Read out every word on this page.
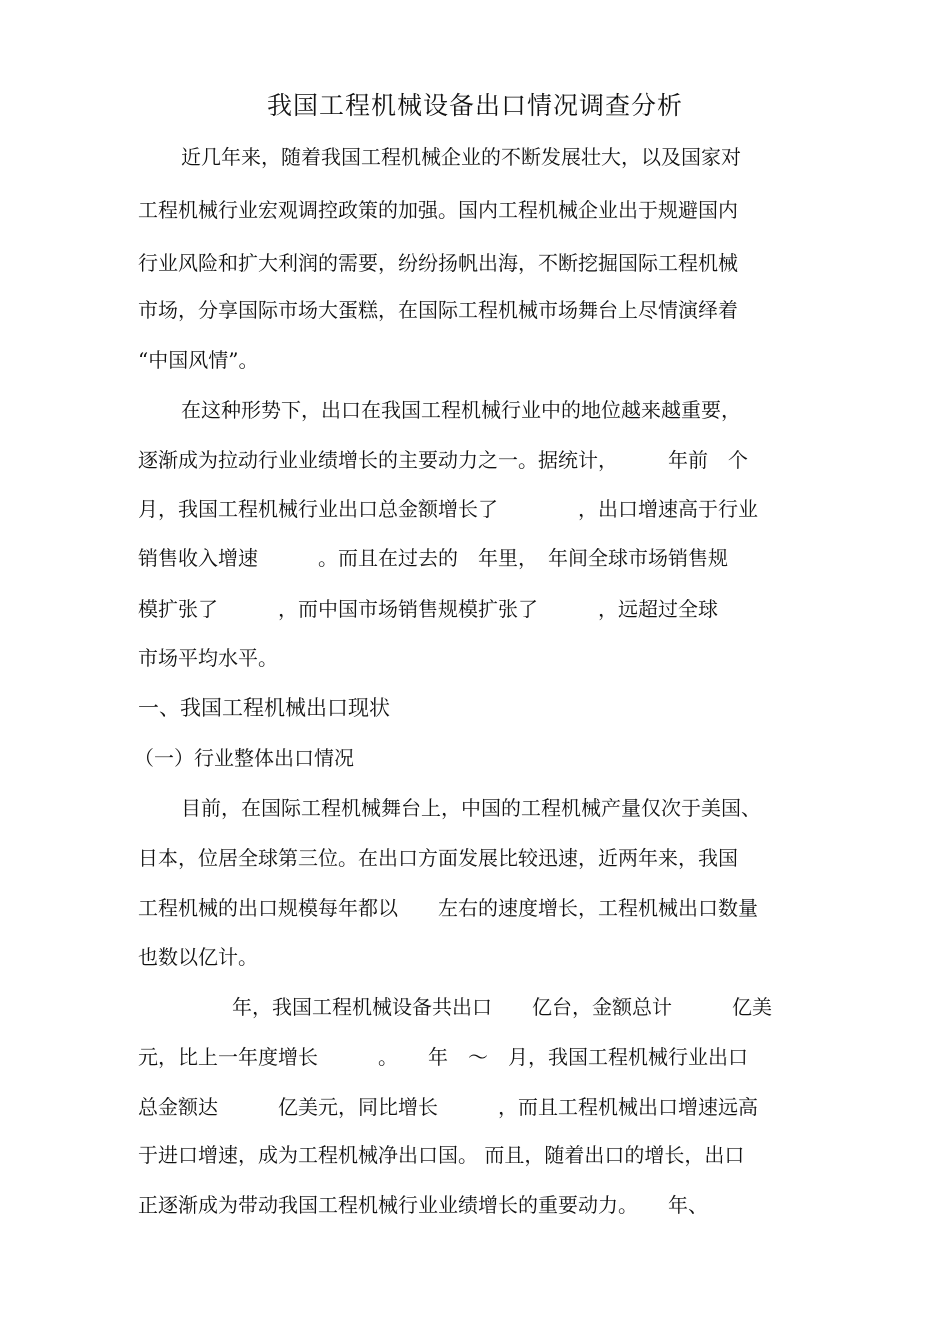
我国工程机械设备出口情况调查分析
近几年来，随着我国工程机械企业的不断发展壮大，以及国家对
工程机械行业宏观调控政策的加强。国内工程机械企业出于规避国内
行业风险和扩大利润的需要，纷纷扬帆出海，不断挖掘国际工程机械
市场，分享国际市场大蛋糕，在国际工程机械市场舞台上尽情演绎着
“中国风情”。
在这种形势下，出口在我国工程机械行业中的地位越来越重要，
逐渐成为拉动行业业绩增长的主要动力之一。据统计，　　　年前　个
月，我国工程机械行业出口总金额增长了　　　　，出口增速高于行业
销售收入增速　　　。而且在过去的　年里，　年间全球市场销售规
模扩张了　　　，而中国市场销售规模扩张了　　　，远超过全球
市场平均水平。
一、我国工程机械出口现状
（一）行业整体出口情况
目前，在国际工程机械舞台上，中国的工程机械产量仅次于美国、
日本，位居全球第三位。在出口方面发展比较迅速，近两年来，我国
工程机械的出口规模每年都以　　左右的速度增长，工程机械出口数量
也数以亿计。
年，我国工程机械设备共出口　　亿台，金额总计　　　亿美
元，比上一年度增长　　　。　　年　～　月，我国工程机械行业出口
总金额达　　　亿美元，同比增长　　　，而且工程机械出口增速远高
于进口增速，成为工程机械净出口国。 而且，随着出口的增长，出口
正逐渐成为带动我国工程机械行业业绩增长的重要动力。　　年、
